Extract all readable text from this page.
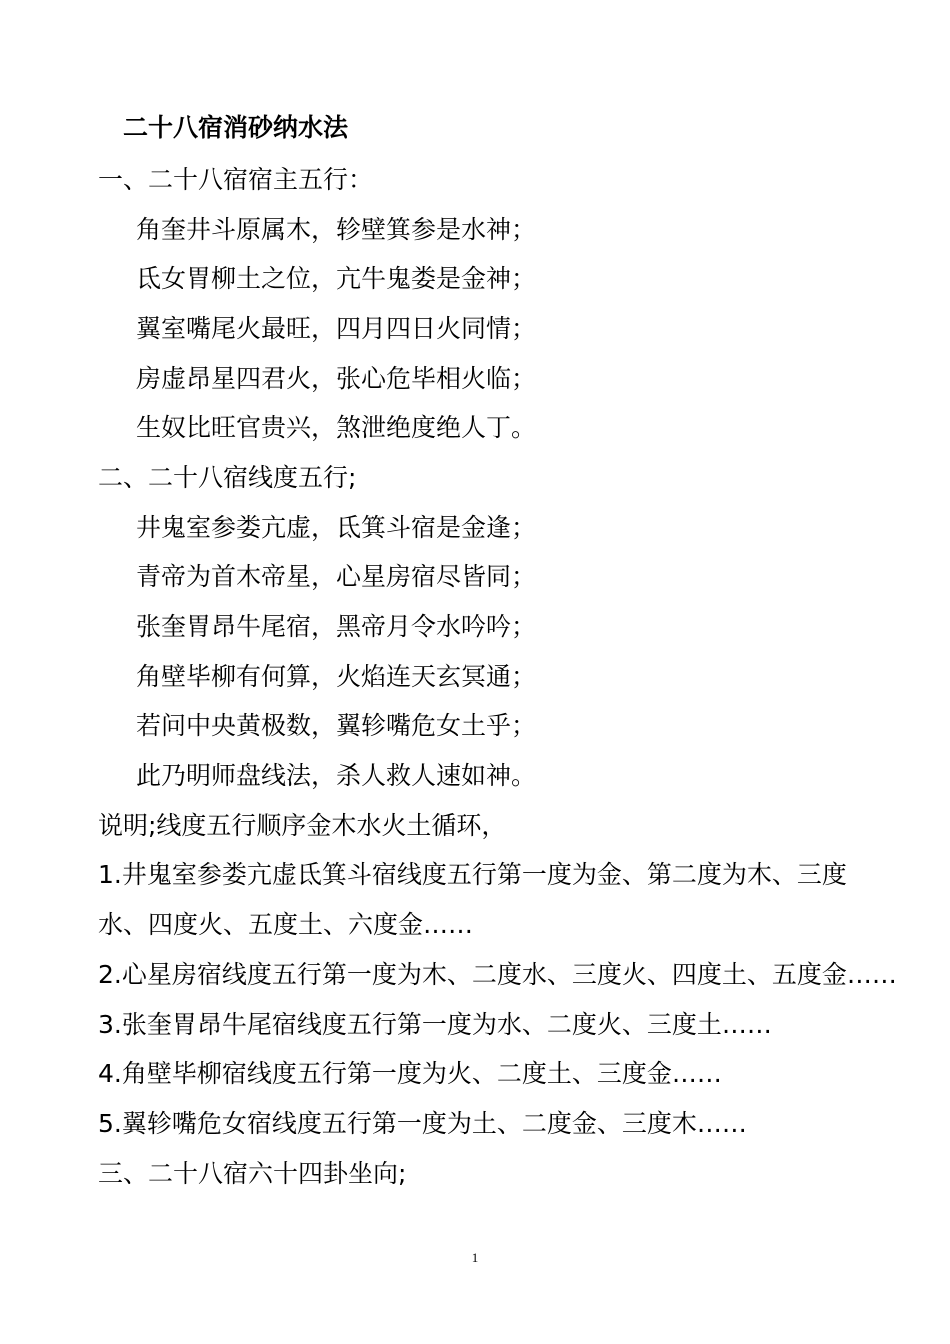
二十八宿消砂纳水法
一、二十八宿宿主五行：
角奎井斗原属木，轸壁箕参是水神；
氐女胃柳土之位，亢牛鬼娄是金神；
翼室嘴尾火最旺，四月四日火同情；
房虚昂星四君火，张心危毕相火临；
生奴比旺官贵兴，煞泄绝度绝人丁。
二、二十八宿线度五行;
井鬼室参娄亢虚，氐箕斗宿是金逢；
青帝为首木帝星，心星房宿尽皆同；
张奎胃昂牛尾宿，黑帝月令水吟吟；
角壁毕柳有何算，火焰连天玄冥通；
若问中央黄极数，翼轸嘴危女土乎；
此乃明师盘线法，杀人救人速如神。
说明;线度五行顺序金木水火土循环，
1.井鬼室参娄亢虚氐箕斗宿线度五行第一度为金、第二度为木、三度
水、四度火、五度土、六度金……
2.心星房宿线度五行第一度为木、二度水、三度火、四度土、五度金……
3.张奎胃昂牛尾宿线度五行第一度为水、二度火、三度土……
4.角壁毕柳宿线度五行第一度为火、二度土、三度金……
5.翼轸嘴危女宿线度五行第一度为土、二度金、三度木……
三、二十八宿六十四卦坐向;
1
